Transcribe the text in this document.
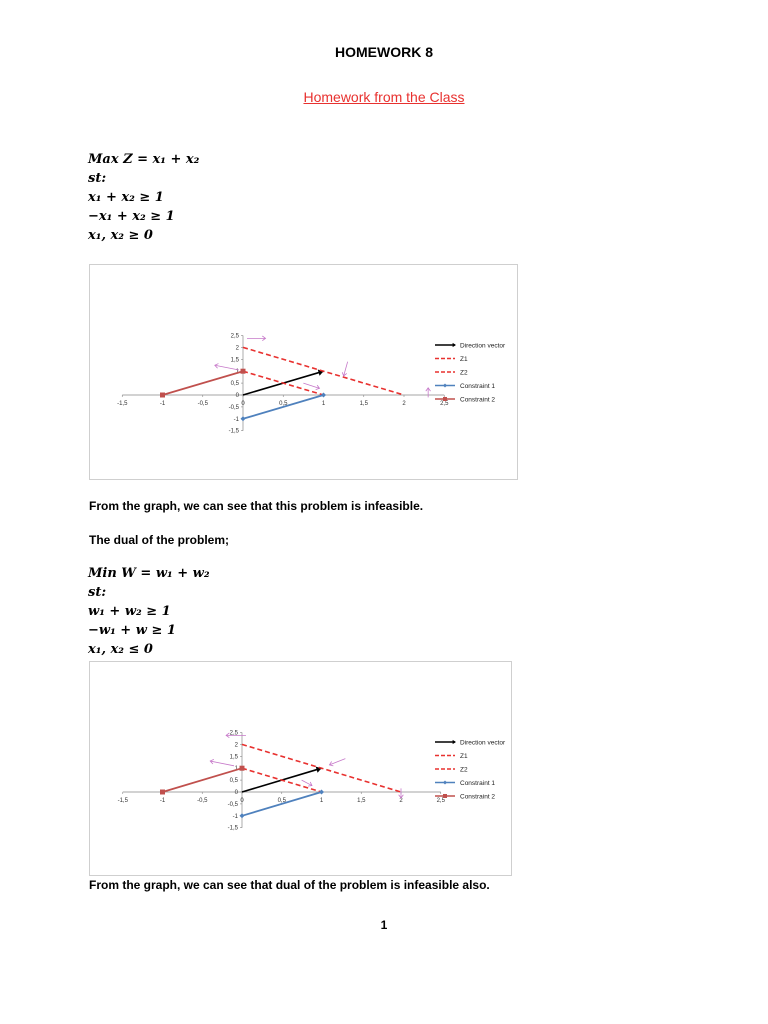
HOMEWORK 8
Homework from the Class
Max Z = x₁ + x₂
st:
x₁ + x₂ ≥ 1
−x₁ + x₂ ≥ 1
x₁, x₂ ≥ 0
-1,5	-1	-0,5	0	0,5	1	1,5	2	2,5
2,5
2
1,5
0,5
0
-0,5
-1
-1,5
Direction vector
Z1
Z2
Constraint 1
Constraint 2
From the graph, we can see that this problem is infeasible.
The dual of the problem;
Min W = w₁ + w₂
st:
w₁ + w₂ ≥ 1
−w₁ + w ≥ 1
x₁, x₂ ≤ 0
-1,5	-1	-0,5	0	0,5	1	1,5	2	2,5
2,5
2
1,5
0,5
0
-0,5
-1
-1,5
Direction vector
Z1
Z2
Constraint 1
Constraint 2
From the graph, we can see that dual of the problem is infeasible also.
1
